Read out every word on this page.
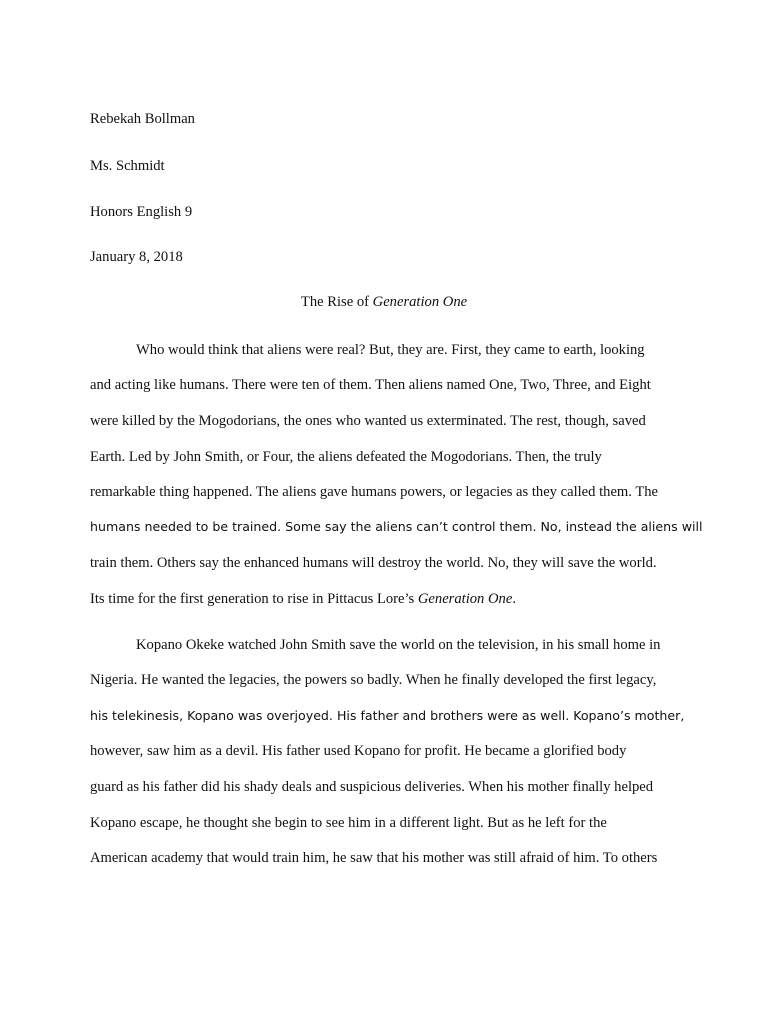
Rebekah Bollman
Ms. Schmidt
Honors English 9
January 8, 2018
The Rise of Generation One
Who would think that aliens were real? But, they are. First, they came to earth, looking
and acting like humans. There were ten of them. Then aliens named One, Two, Three, and Eight
were killed by the Mogodorians, the ones who wanted us exterminated. The rest, though, saved
Earth. Led by John Smith, or Four, the aliens defeated the Mogodorians. Then, the truly
remarkable thing happened. The aliens gave humans powers, or legacies as they called them. The
humans needed to be trained. Some say the aliens can’t control them. No, instead the aliens will
train them. Others say the enhanced humans will destroy the world. No, they will save the world.
Its time for the first generation to rise in Pittacus Lore’s Generation One.
Kopano Okeke watched John Smith save the world on the television, in his small home in
Nigeria. He wanted the legacies, the powers so badly. When he finally developed the first legacy,
his telekinesis, Kopano was overjoyed. His father and brothers were as well. Kopano’s mother,
however, saw him as a devil. His father used Kopano for profit. He became a glorified body
guard as his father did his shady deals and suspicious deliveries. When his mother finally helped
Kopano escape, he thought she begin to see him in a different light. But as he left for the
American academy that would train him, he saw that his mother was still afraid of him. To others
